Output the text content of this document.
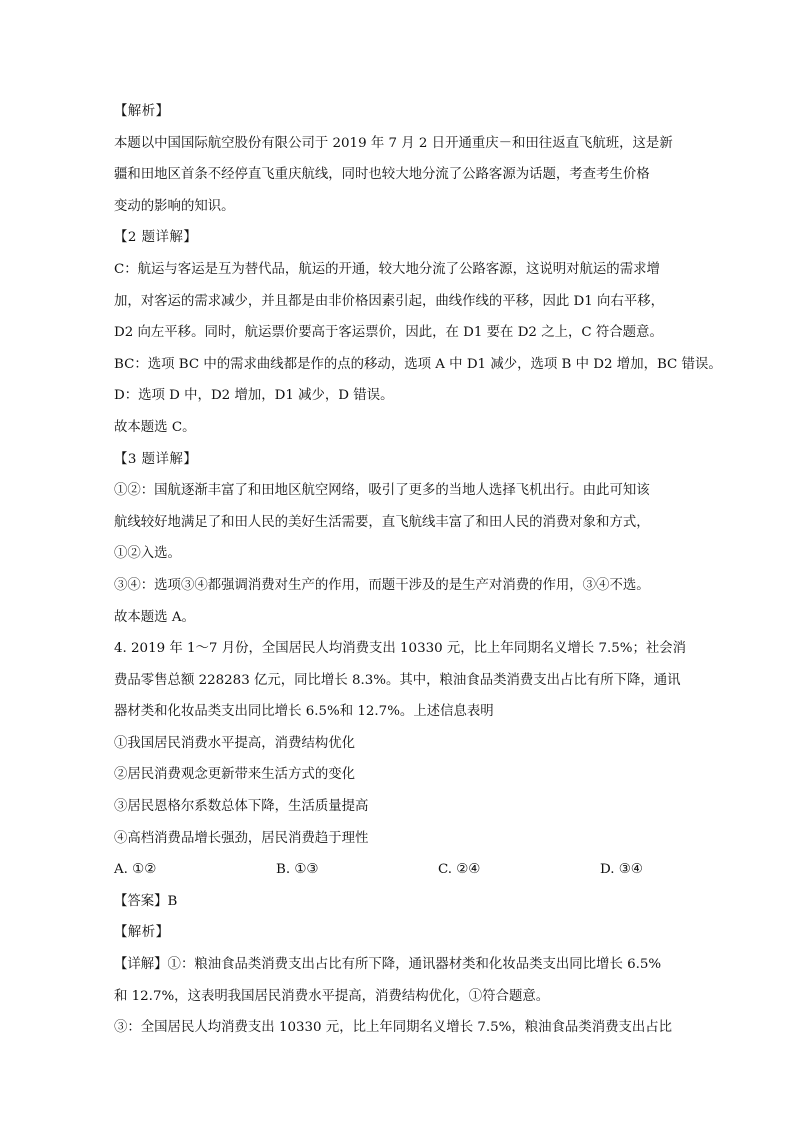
【解析】
本题以中国国际航空股份有限公司于 2019 年 7 月 2 日开通重庆－和田往返直飞航班，这是新
疆和田地区首条不经停直飞重庆航线，同时也较大地分流了公路客源为话题，考查考生价格
变动的影响的知识。
【2 题详解】
C：航运与客运是互为替代品，航运的开通，较大地分流了公路客源，这说明对航运的需求增
加，对客运的需求减少，并且都是由非价格因素引起，曲线作线的平移，因此 D1 向右平移，
D2 向左平移。同时，航运票价要高于客运票价，因此，在 D1 要在 D2 之上，C 符合题意。
BC：选项 BC 中的需求曲线都是作的点的移动，选项 A 中 D1 减少，选项 B 中 D2 增加，BC 错误。
D：选项 D 中，D2 增加，D1 减少，D 错误。
故本题选 C。
【3 题详解】
①②：国航逐渐丰富了和田地区航空网络，吸引了更多的当地人选择飞机出行。由此可知该
航线较好地满足了和田人民的美好生活需要，直飞航线丰富了和田人民的消费对象和方式，
①②入选。
③④：选项③④都强调消费对生产的作用，而题干涉及的是生产对消费的作用，③④不选。
故本题选 A。
4. 2019 年 1～7 月份，全国居民人均消费支出 10330 元，比上年同期名义增长 7.5%；社会消
费品零售总额 228283 亿元，同比增长 8.3%。其中，粮油食品类消费支出占比有所下降，通讯
器材类和化妆品类支出同比增长 6.5%和 12.7%。上述信息表明
①我国居民消费水平提高，消费结构优化
②居民消费观念更新带来生活方式的变化
③居民恩格尔系数总体下降，生活质量提高
④高档消费品增长强劲，居民消费趋于理性
A. ①②	B. ①③	C. ②④	D. ③④
【答案】B
【解析】
【详解】①：粮油食品类消费支出占比有所下降，通讯器材类和化妆品类支出同比增长 6.5%
和 12.7%，这表明我国居民消费水平提高，消费结构优化，①符合题意。
③：全国居民人均消费支出 10330 元，比上年同期名义增长 7.5%，粮油食品类消费支出占比
